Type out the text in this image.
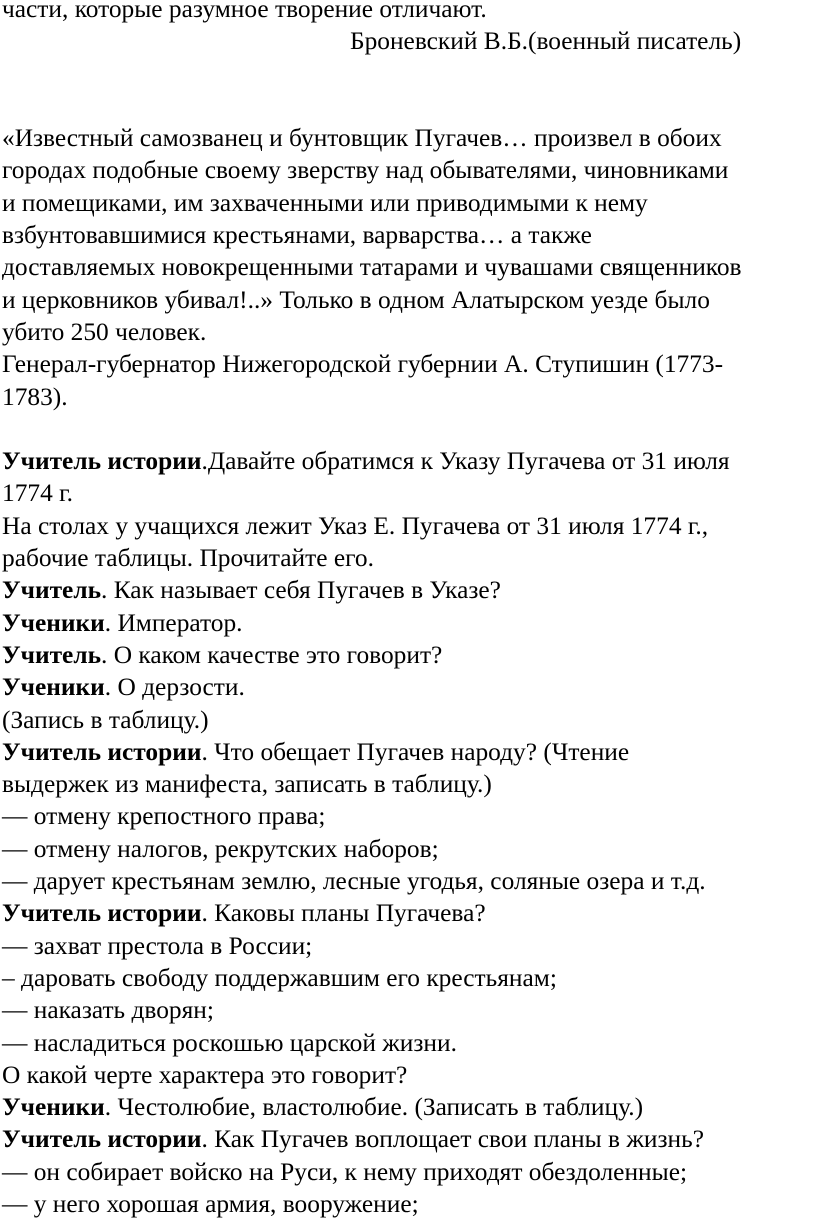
части, которые разумное творение отличают.
Броневский В.Б.(военный писатель)
«Известный самозванец и бунтовщик Пугачев… произвел в обоих
городах подобные своему зверству над обывателями, чиновниками
и помещиками, им захваченными или приводимыми к нему
взбунтовавшимися крестьянами, варварства… а также
доставляемых новокрещенными татарами и чувашами священников
и церковников убивал!..» Только в одном Алатырском уезде было
убито 250 человек.
Генерал-губернатор Нижегородской губернии А. Ступишин (1773-
1783).
Учитель истории.Давайте обратимся к Указу Пугачева от 31 июля
1774 г.
На столах у учащихся лежит Указ Е. Пугачева от 31 июля 1774 г.,
рабочие таблицы. Прочитайте его.
Учитель. Как называет себя Пугачев в Указе?
Ученики. Император.
Учитель. О каком качестве это говорит?
Ученики. О дерзости.
(Запись в таблицу.)
Учитель истории. Что обещает Пугачев народу? (Чтение
выдержек из манифеста, записать в таблицу.)
— отмену крепостного права;
— отмену налогов, рекрутских наборов;
— дарует крестьянам землю, лесные угодья, соляные озера и т.д.
Учитель истории. Каковы планы Пугачева?
— захват престола в России;
– даровать свободу поддержавшим его крестьянам;
— наказать дворян;
— насладиться роскошью царской жизни.
О какой черте характера это говорит?
Ученики. Честолюбие, властолюбие. (Записать в таблицу.)
Учитель истории. Как Пугачев воплощает свои планы в жизнь?
— он собирает войско на Руси, к нему приходят обездоленные;
— у него хорошая армия, вооружение;
